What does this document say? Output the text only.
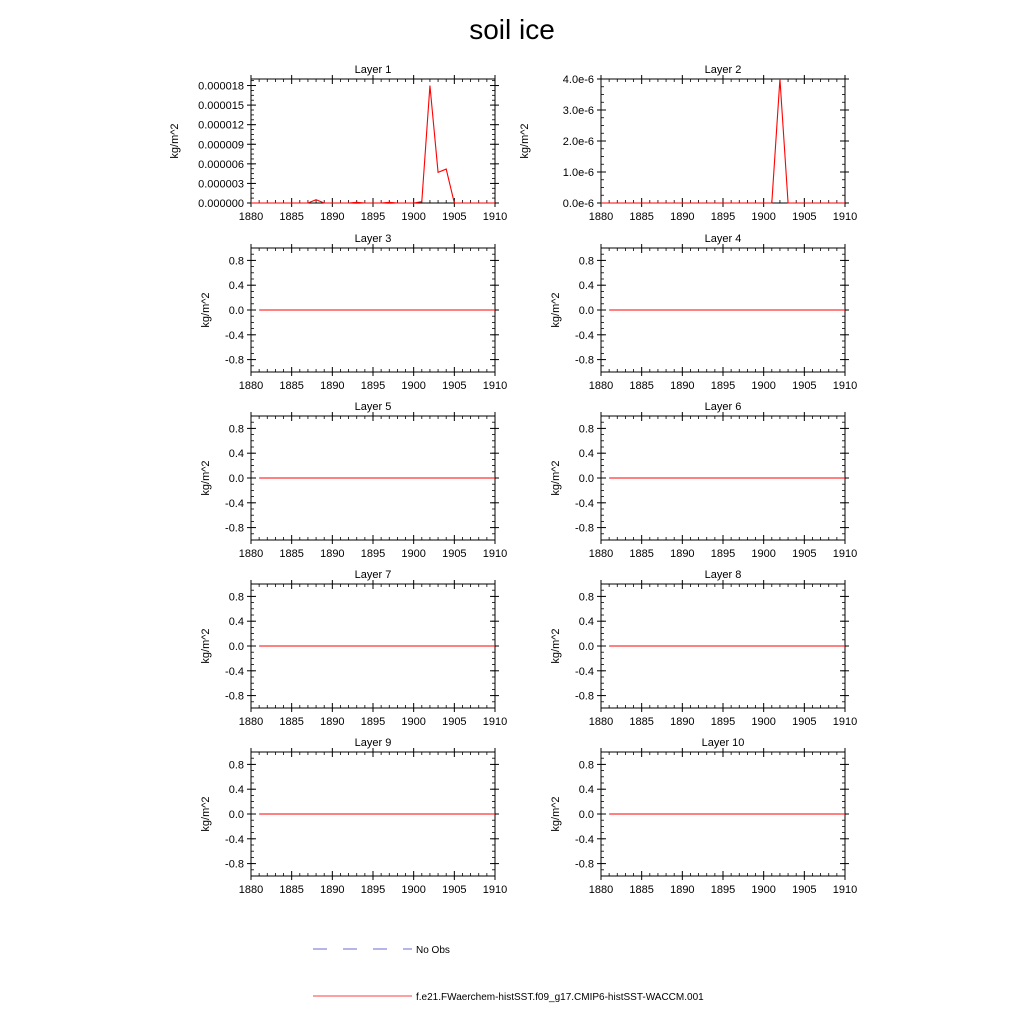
soil ice
Layer 1
1880 1885 1890 1895 1900 1905 1910
0.000000
0.000003
0.000006
0.000009
0.000012
0.000015
0.000018
kg/m^2
Layer 2
1880 1885 1890 1895 1900 1905 1910
0.0e-6
1.0e-6
2.0e-6
3.0e-6
4.0e-6
kg/m^2
Layer 3
1880 1885 1890 1895 1900 1905 1910
-0.8
-0.4
0.0
0.4
0.8
kg/m^2
Layer 4
1880 1885 1890 1895 1900 1905 1910
-0.8
-0.4
0.0
0.4
0.8
kg/m^2
Layer 5
1880 1885 1890 1895 1900 1905 1910
-0.8
-0.4
0.0
0.4
0.8
kg/m^2
Layer 6
1880 1885 1890 1895 1900 1905 1910
-0.8
-0.4
0.0
0.4
0.8
kg/m^2
Layer 7
1880 1885 1890 1895 1900 1905 1910
-0.8
-0.4
0.0
0.4
0.8
kg/m^2
Layer 8
1880 1885 1890 1895 1900 1905 1910
-0.8
-0.4
0.0
0.4
0.8
kg/m^2
Layer 9
1880 1885 1890 1895 1900 1905 1910
-0.8
-0.4
0.0
0.4
0.8
kg/m^2
Layer 10
1880 1885 1890 1895 1900 1905 1910
-0.8
-0.4
0.0
0.4
0.8
kg/m^2
No Obs
f.e21.FWaerchem-histSST.f09_g17.CMIP6-histSST-WACCM.001
